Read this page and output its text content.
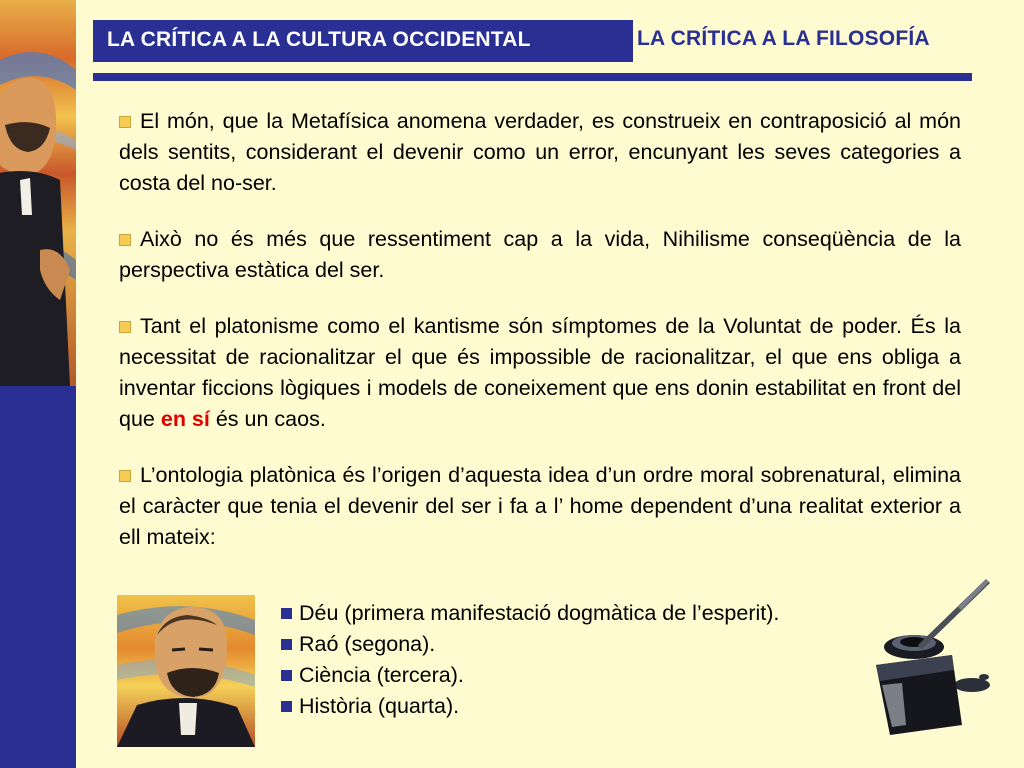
LA CRÍTICA A LA CULTURA OCCIDENTAL	LA CRÍTICA A LA FILOSOFÍA

El món, que la Metafísica anomena verdader, es construeix en contraposició al món dels sentits, considerant el devenir como un error, encunyant les seves categories a costa del no-ser.

Això no és més que ressentiment cap a la vida, Nihilisme conseqüència de la perspectiva estàtica del ser.

Tant el platonisme como el kantisme són símptomes de la Voluntat de poder. És la necessitat de racionalitzar el que és impossible de racionalitzar, el que ens obliga a inventar ficcions lògiques i models de coneixement que ens donin estabilitat en front del que en sí és un caos.

L’ontologia platònica és l’origen d’aquesta idea d’un ordre moral sobrenatural, elimina el caràcter que tenia el devenir del ser i fa a l’ home dependent d’una realitat exterior a ell mateix:

Déu (primera manifestació dogmàtica de l’esperit).
Raó (segona).
Ciència (tercera).
Història (quarta).
